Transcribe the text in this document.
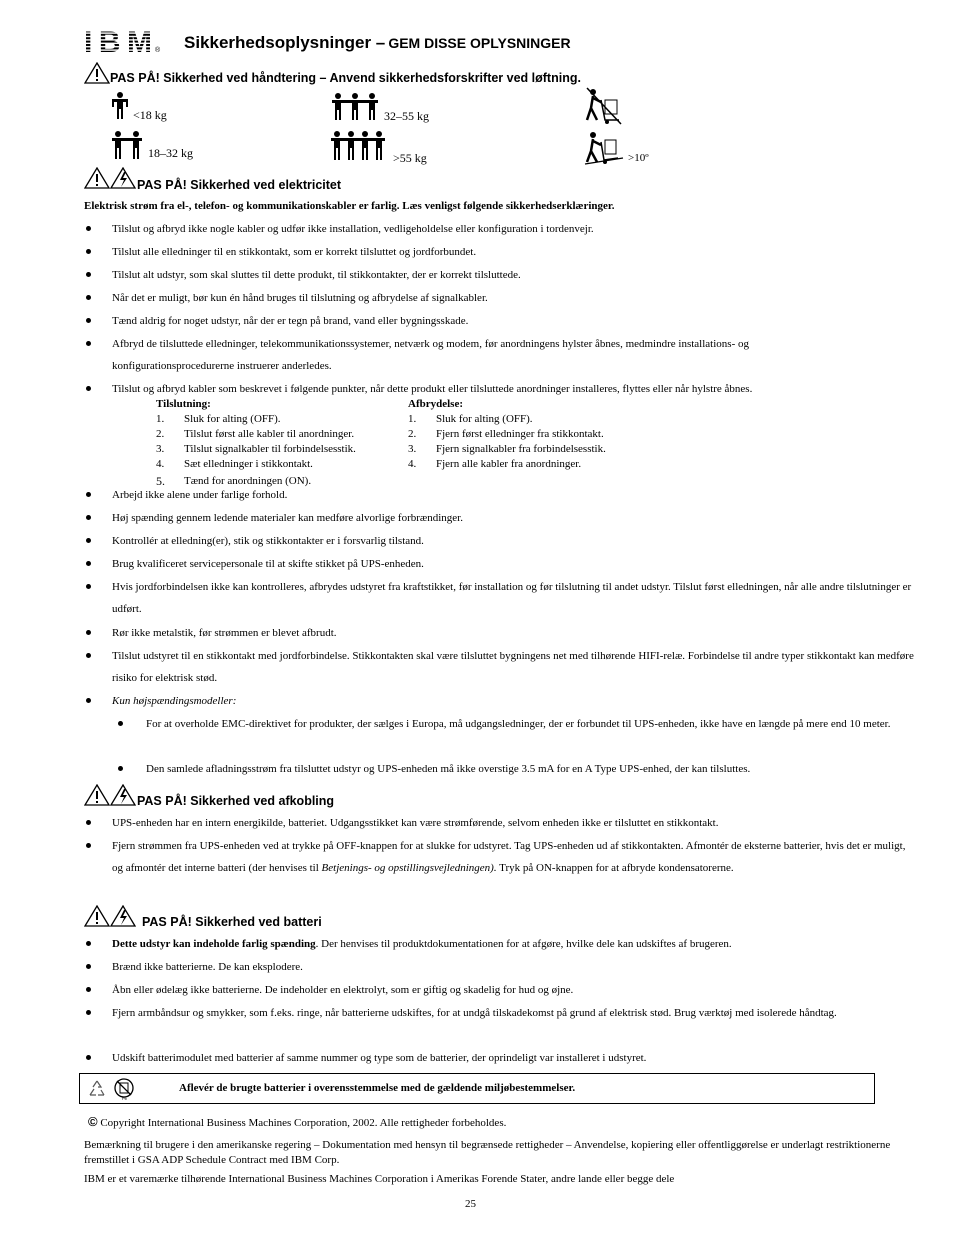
IBM ® Sikkerhedsoplysninger – GEM DISSE OPLYSNINGER
PAS PÅ! Sikkerhed ved håndtering – Anvend sikkerhedsforskrifter ved løftning.
<18 kg
18–32 kg
32–55 kg
>55 kg	>10º
PAS PÅ! Sikkerhed ved elektricitet
Elektrisk strøm fra el-, telefon- og kommunikationskabler er farlig. Læs venligst følgende sikkerhedserklæringer.
Tilslut og afbryd ikke nogle kabler og udfør ikke installation, vedligeholdelse eller konfiguration i tordenvejr.
Tilslut alle elledninger til en stikkontakt, som er korrekt tilsluttet og jordforbundet.
Tilslut alt udstyr, som skal sluttes til dette produkt, til stikkontakter, der er korrekt tilsluttede.
Når det er muligt, bør kun én hånd bruges til tilslutning og afbrydelse af signalkabler.
Tænd aldrig for noget udstyr, når der er tegn på brand, vand eller bygningsskade.
Afbryd de tilsluttede elledninger, telekommunikationssystemer, netværk og modem, før anordningens hylster åbnes, medmindre installations- og konfigurationsprocedurerne instruerer anderledes.
Tilslut og afbryd kabler som beskrevet i følgende punkter, når dette produkt eller tilsluttede anordninger installeres, flyttes eller når hylstre åbnes.
Tilslutning:
1.	Sluk for alting (OFF).
2.	Tilslut først alle kabler til anordninger.
3.	Tilslut signalkabler til forbindelsesstik.
4.	Sæt elledninger i stikkontakt.
5.	Tænd for anordningen (ON).
Afbrydelse:
1.	Sluk for alting (OFF).
2.	Fjern først elledninger fra stikkontakt.
3.	Fjern signalkabler fra forbindelsesstik.
4.	Fjern alle kabler fra anordninger.
Arbejd ikke alene under farlige forhold.
Høj spænding gennem ledende materialer kan medføre alvorlige forbrændinger.
Kontrollér at elledning(er), stik og stikkontakter er i forsvarlig tilstand.
Brug kvalificeret servicepersonale til at skifte stikket på UPS-enheden.
Hvis jordforbindelsen ikke kan kontrolleres, afbrydes udstyret fra kraftstikket, før installation og før tilslutning til andet udstyr. Tilslut først elledningen, når alle andre tilslutninger er udført.
Rør ikke metalstik, før strømmen er blevet afbrudt.
Tilslut udstyret til en stikkontakt med jordforbindelse. Stikkontakten skal være tilsluttet bygningens net med tilhørende HIFI-relæ. Forbindelse til andre typer stikkontakt kan medføre risiko for elektrisk stød.
Kun højspændingsmodeller:
For at overholde EMC-direktivet for produkter, der sælges i Europa, må udgangsledninger, der er forbundet til UPS-enheden, ikke have en længde på mere end 10 meter.
Den samlede afladningsstrøm fra tilsluttet udstyr og UPS-enheden må ikke overstige 3.5 mA for en A Type UPS-enhed, der kan tilsluttes.
PAS PÅ! Sikkerhed ved afkobling
UPS-enheden har en intern energikilde, batteriet. Udgangsstikket kan være strømførende, selvom enheden ikke er tilsluttet en stikkontakt.
Fjern strømmen fra UPS-enheden ved at trykke på OFF-knappen for at slukke for udstyret. Tag UPS-enheden ud af stikkontakten. Afmontér de eksterne batterier, hvis det er muligt, og afmontér det interne batteri (der henvises til Betjenings- og opstillingsvejledningen). Tryk på ON-knappen for at afbryde kondensatorerne.
PAS PÅ! Sikkerhed ved batteri
Dette udstyr kan indeholde farlig spænding. Der henvises til produktdokumentationen for at afgøre, hvilke dele kan udskiftes af brugeren.
Brænd ikke batterierne. De kan eksplodere.
Åbn eller ødelæg ikke batterierne. De indeholder en elektrolyt, som er giftig og skadelig for hud og øjne.
Fjern armbåndsur og smykker, som f.eks. ringe, når batterierne udskiftes, for at undgå tilskadekomst på grund af elektrisk stød. Brug værktøj med isolerede håndtag.
Udskift batterimodulet med batterier af samme nummer og type som de batterier, der oprindeligt var installeret i udstyret.
Pb
Aflevér de brugte batterier i overensstemmelse med de gældende miljøbestemmelser.
© Copyright International Business Machines Corporation, 2002. Alle rettigheder forbeholdes.
Bemærkning til brugere i den amerikanske regering – Dokumentation med hensyn til begrænsede rettigheder – Anvendelse, kopiering eller offentliggørelse er underlagt restriktionerne fremstillet i GSA ADP Schedule Contract med IBM Corp.
IBM er et varemærke tilhørende International Business Machines Corporation i Amerikas Forende Stater, andre lande eller begge dele
25
